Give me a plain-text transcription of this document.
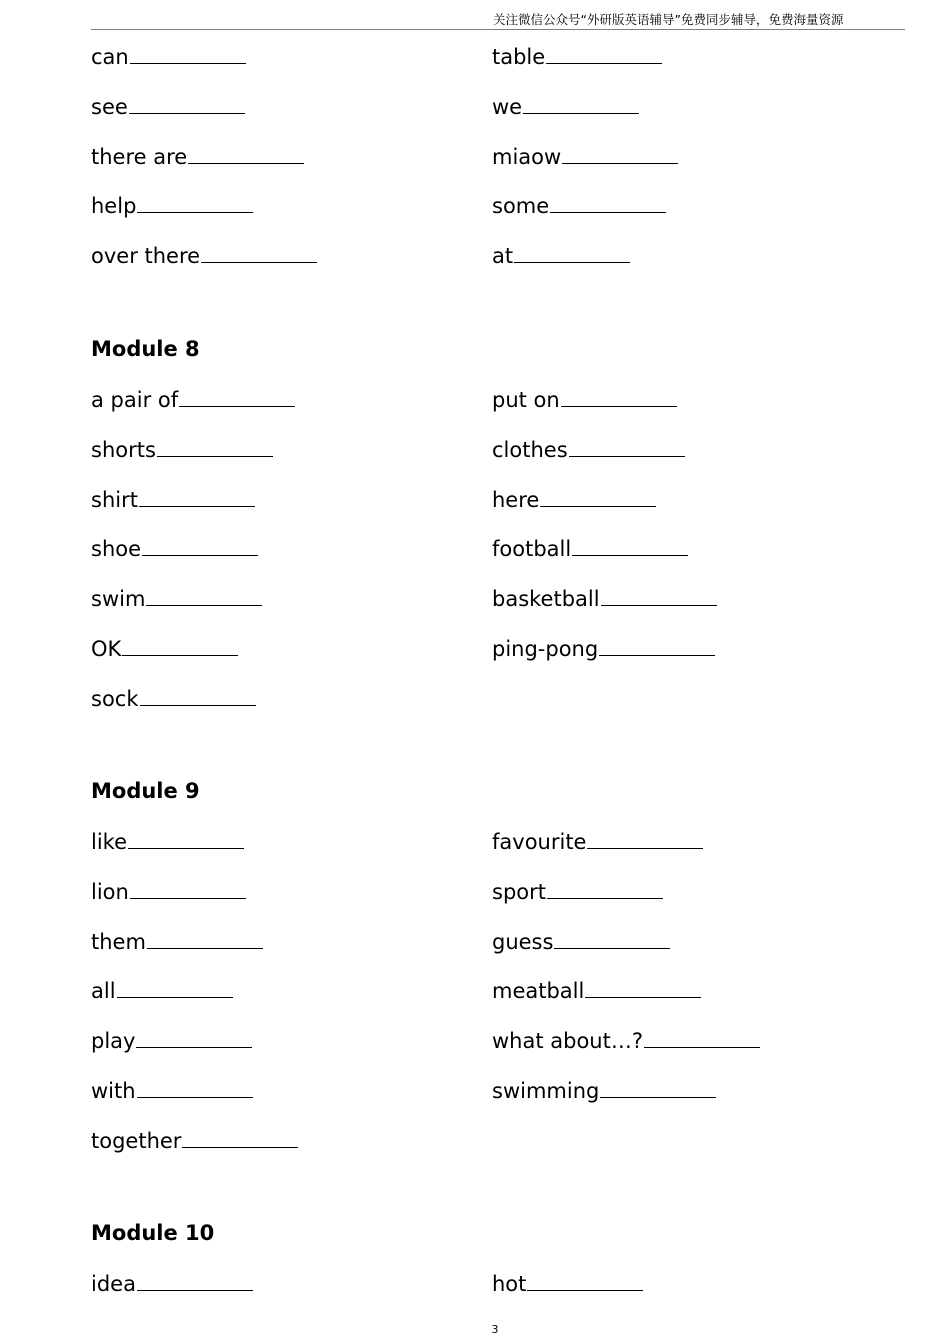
关注微信公众号“外研版英语辅导”免费同步辅导，免费海量资源
can	table
see	we
there are	miaow
help	some
over there	at
Module 8
a pair of	put on
shorts	clothes
shirt	here
shoe	football
swim	basketball
OK	ping-pong
sock
Module 9
like	favourite
lion	sport
them	guess
all	meatball
play	what about…?
with	swimming
together
Module 10
idea	hot
3
